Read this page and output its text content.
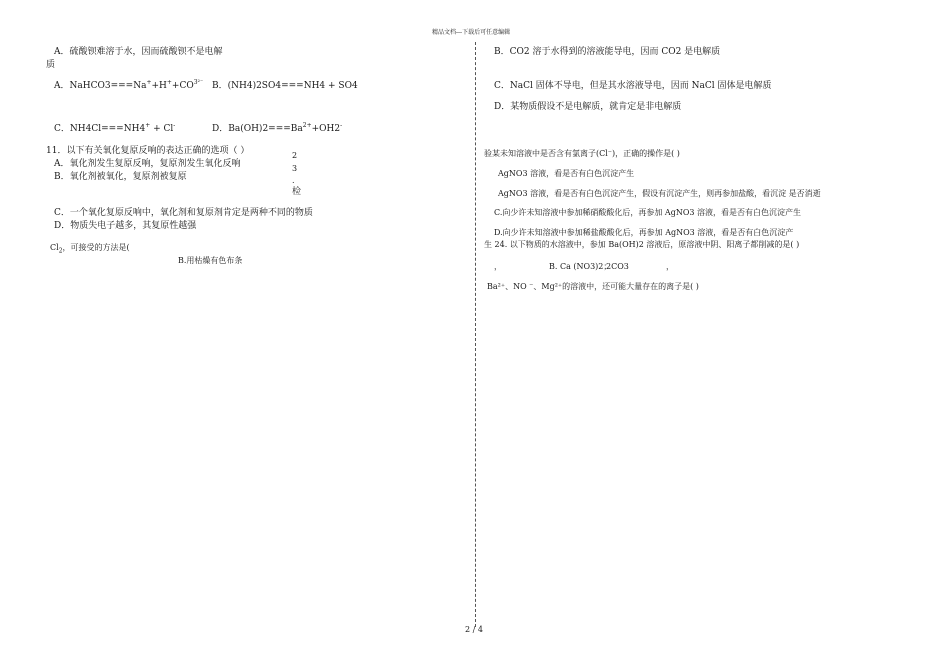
精品文档---下载后可任意编辑
A．硫酸钡难溶于水，因而硫酸钡不是电解
质
A．$NaHCO3===Na^++H^++CO^{3^{2-}}$ B．(NH4)2SO4===NH4 + SO4
C．NH4Cl===NH4+ + Cl-	D．$Ba(OH)2===Ba^{2+}+OH2^-$
11．以下有关氧化复原反响的表达正确的选项（ ）
A．氧化剂发生复原反响，复原剂发生氧化反响
B．氧化剂被氧化，复原剂被复原
2
3
.
检
C．一个氧化复原反响中，氧化剂和复原剂肯定是两种不同的物质
D．物质失电子越多，其复原性越强
$Cl_2$，可接受的方法是(
B.用枯燥有色布条
B．CO2 溶于水得到的溶液能导电，因而 CO2 是电解质
C．NaCl 固体不导电，但是其水溶液导电，因而 NaCl 固体是电解质
D．某物质假设不是电解质，就肯定是非电解质
验某未知溶液中是否含有氯离子(Cl⁻)，正确的操作是( )
AgNO3 溶液，看是否有白色沉淀产生
AgNO3 溶液，看是否有白色沉淀产生，假设有沉淀产生，则再参加盐酸，看沉淀 是否消逝
C.向少许未知溶液中参加稀硝酸酸化后，再参加 AgNO3 溶液，看是否有白色沉淀产生
D.向少许未知溶液中参加稀盐酸酸化后，再参加 AgNO3 溶液，看是否有白色沉淀产
生 24. 以下物质的水溶液中，参加 Ba(OH)2 溶液后，原溶液中阴、阳离子都削减的是( )
，	B. Ca (NO3)2；
2CO3	，
Ba²⁺、NO ⁻、Mg²⁺的溶液中，还可能大量存在的离子是( )
2 / 4
